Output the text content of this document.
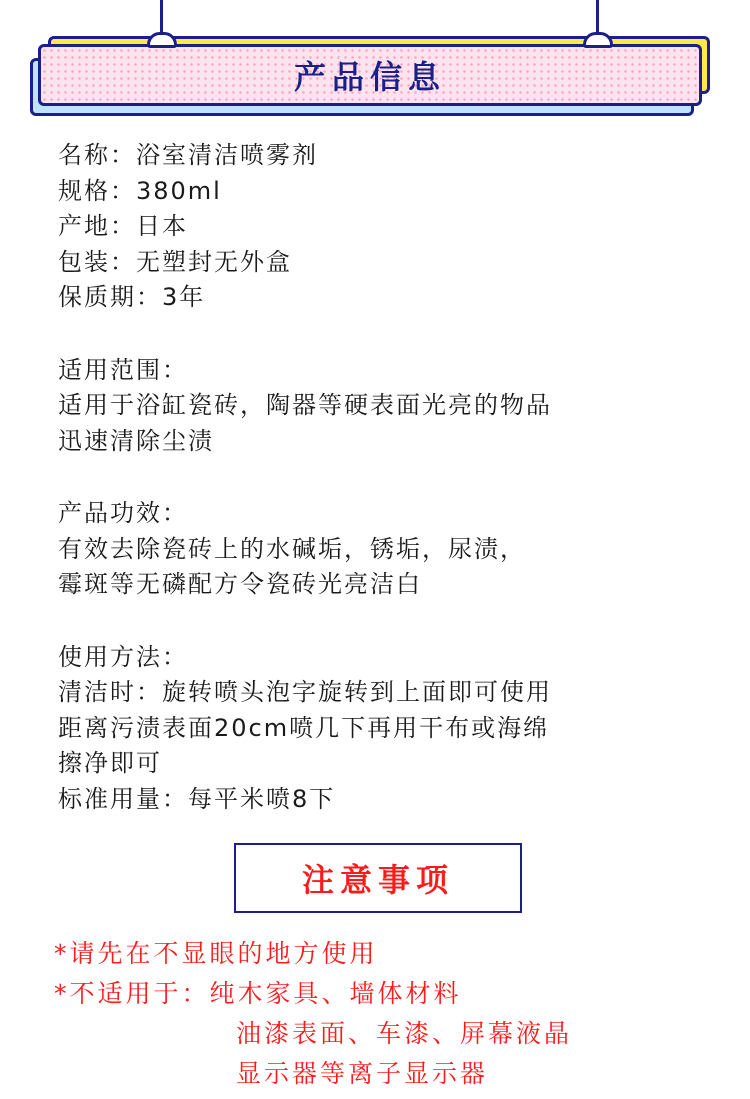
产品信息
名称：浴室清洁喷雾剂
规格：380ml
产地：日本
包装：无塑封无外盒
保质期：3年
适用范围：
适用于浴缸瓷砖，陶器等硬表面光亮的物品
迅速清除尘渍
产品功效：
有效去除瓷砖上的水碱垢，锈垢，尿渍，
霉斑等无磷配方令瓷砖光亮洁白
使用方法：
清洁时：旋转喷头泡字旋转到上面即可使用
距离污渍表面20cm喷几下再用干布或海绵
擦净即可
标准用量：每平米喷8下
注意事项
*请先在不显眼的地方使用
*不适用于：纯木家具、墙体材料
油漆表面、车漆、屏幕液晶
显示器等离子显示器
